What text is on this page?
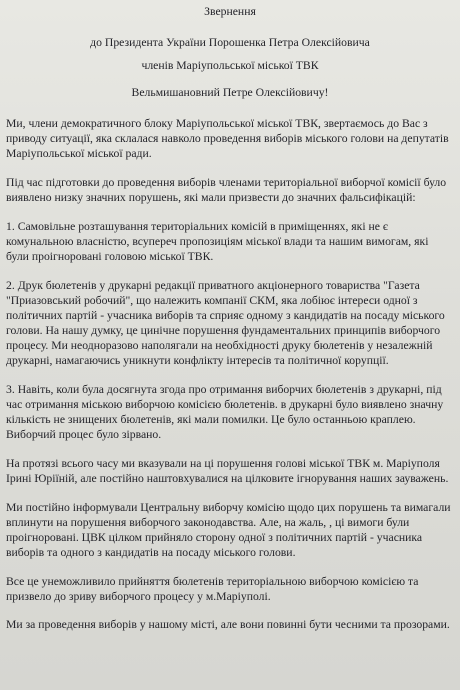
Звернення

до Президента України Порошенка Петра Олексійовича

членів Маріупольської міської ТВК

Вельмишановний Петре Олексійовичу!

Ми, члени демократичного блоку Маріупольської міської ТВК, звертаємось до Вас з приводу ситуації, яка склалася навколо проведення виборів міського голови на депутатів Маріупольської міської ради.

Під час підготовки до проведення виборів членами територіальної виборчої комісії було виявлено низку значних порушень, які мали призвести до значних фальсифікацій:

1. Самовільне розташування територіальних комісій в приміщеннях, які не є комунальною власністю, всупереч пропозиціям міської влади та нашим вимогам, які були проігноровані головою міської ТВК.

2. Друк бюлетенів у друкарні редакції приватного акціонерного товариства "Газета "Приазовський робочий", що належить компанії СКМ, яка лобіює інтереси одної з політичних партій - учасника виборів та сприяє одному з кандидатів на посаду міського голови. На нашу думку, це цинічне порушення фундаментальних принципів виборчого процесу. Ми неодноразово наполягали на необхідності друку бюлетенів у незалежній друкарні, намагаючись уникнути конфлікту інтересів та політичної корупції.

3. Навіть, коли була досягнута згода про отримання виборчих бюлетенів з друкарні, під час отримання міською виборчою комісією бюлетенів. в друкарні було виявлено значну кількість не знищених бюлетенів, які мали помилки. Це було останньою краплею. Виборчий процес було зірвано.

На протязі всього часу ми вказували на ці порушення голові міської ТВК м. Маріуполя Ірині Юріїній, але постійно наштовхувалися на цілковите ігнорування наших зауважень.

Ми постійно інформували Центральну виборчу комісію щодо цих порушень та вимагали вплинути на порушення виборчого законодавства. Але, на жаль, , ці вимоги були проігноровані. ЦВК цілком прийняло сторону одної з політичних партій - учасника виборів та одного з кандидатів на посаду міського голови.

Все це унеможливило прийняття бюлетенів територіальною виборчою комісією та призвело до зриву виборчого процесу у м.Маріуполі.

Ми за проведення виборів у нашому місті, але вони повинні бути чесними та прозорами.
